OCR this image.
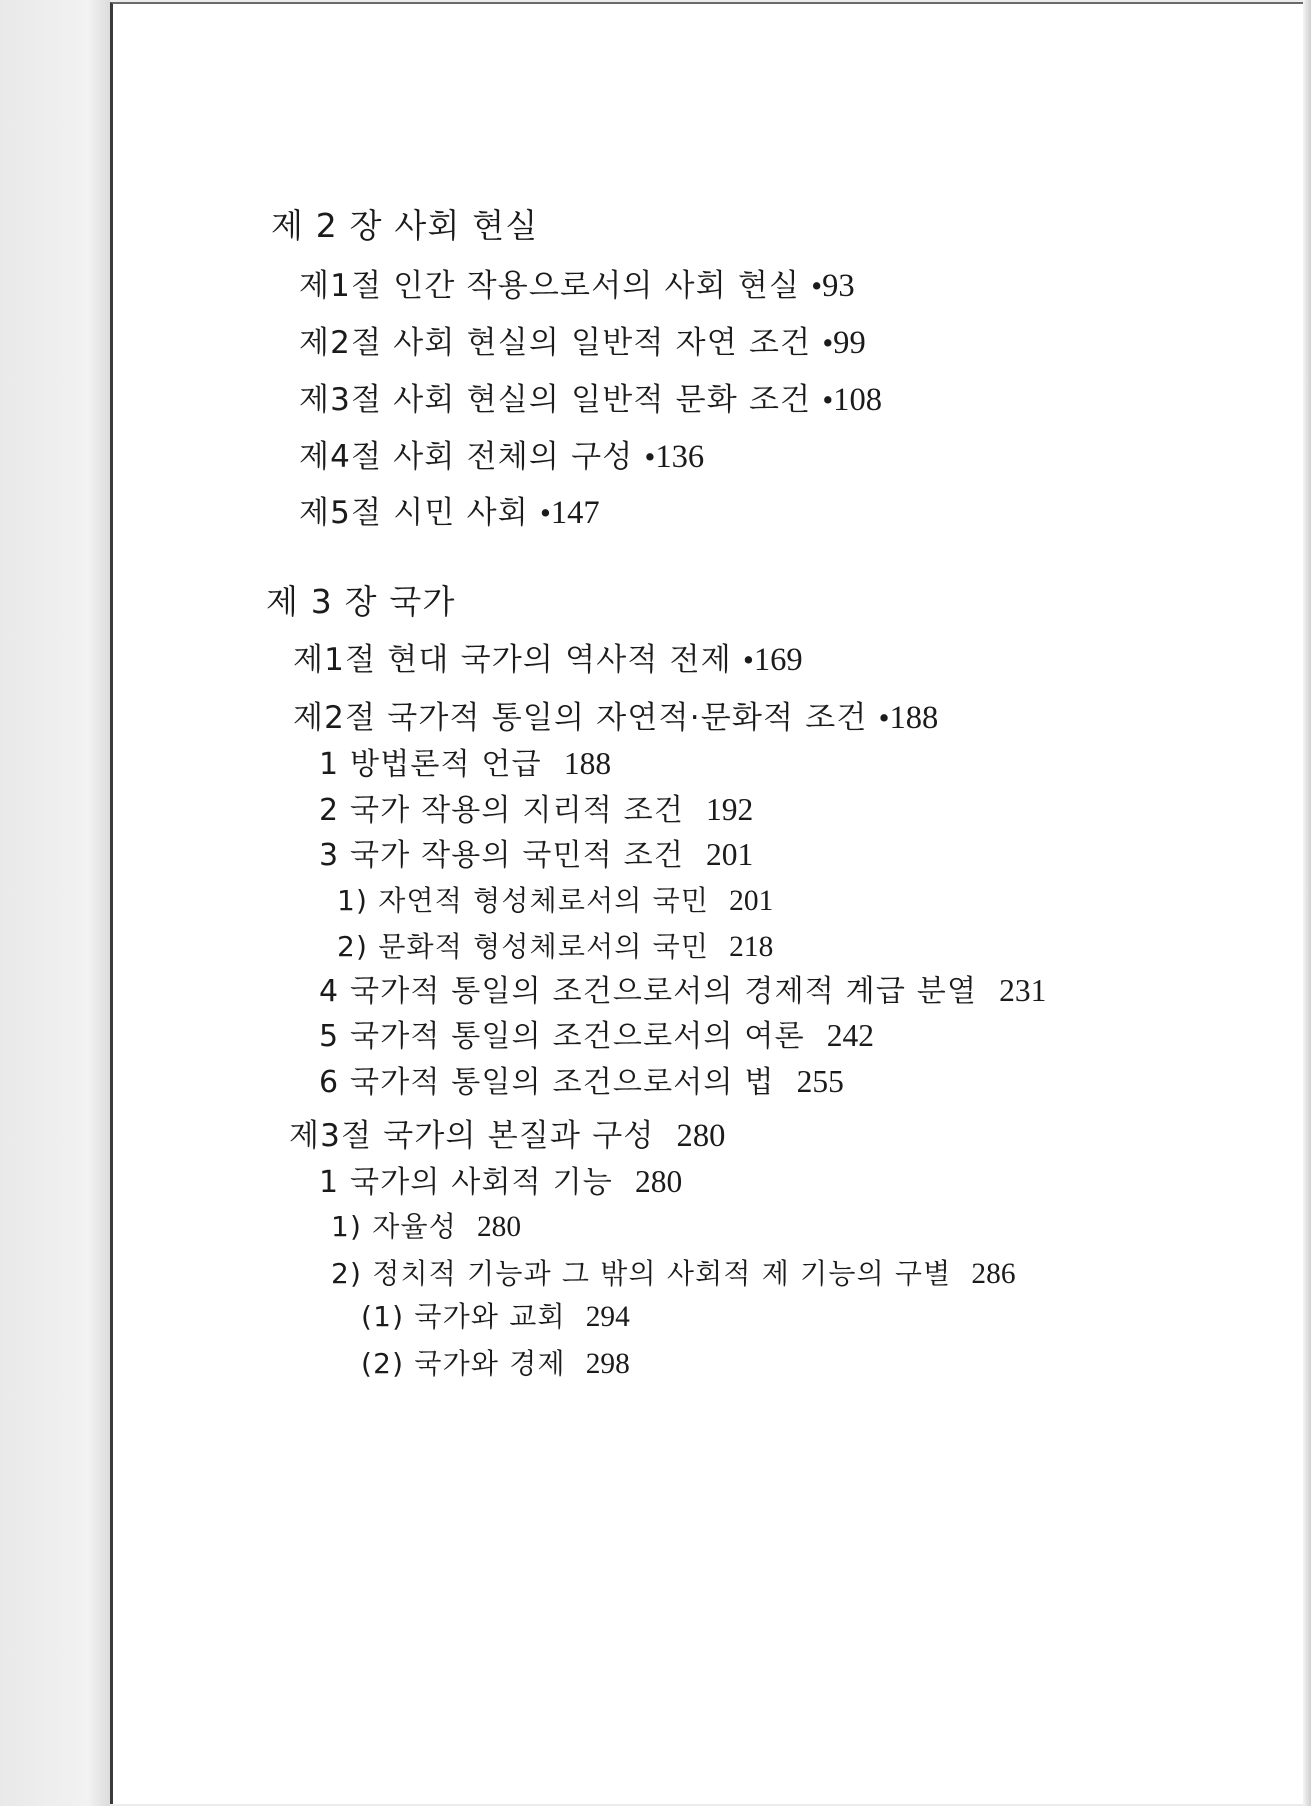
제 2 장 사회 현실
제1절 인간 작용으로서의 사회 현실 •93
제2절 사회 현실의 일반적 자연 조건 •99
제3절 사회 현실의 일반적 문화 조건 •108
제4절 사회 전체의 구성 •136
제5절 시민 사회 •147
제 3 장 국가
제1절 현대 국가의 역사적 전제 •169
제2절 국가적 통일의 자연적·문화적 조건 •188
1 방법론적 언급 188
2 국가 작용의 지리적 조건 192
3 국가 작용의 국민적 조건 201
1) 자연적 형성체로서의 국민 201
2) 문화적 형성체로서의 국민 218
4 국가적 통일의 조건으로서의 경제적 계급 분열 231
5 국가적 통일의 조건으로서의 여론 242
6 국가적 통일의 조건으로서의 법 255
제3절 국가의 본질과 구성 280
1 국가의 사회적 기능 280
1) 자율성 280
2) 정치적 기능과 그 밖의 사회적 제 기능의 구별 286
(1) 국가와 교회 294
(2) 국가와 경제 298
